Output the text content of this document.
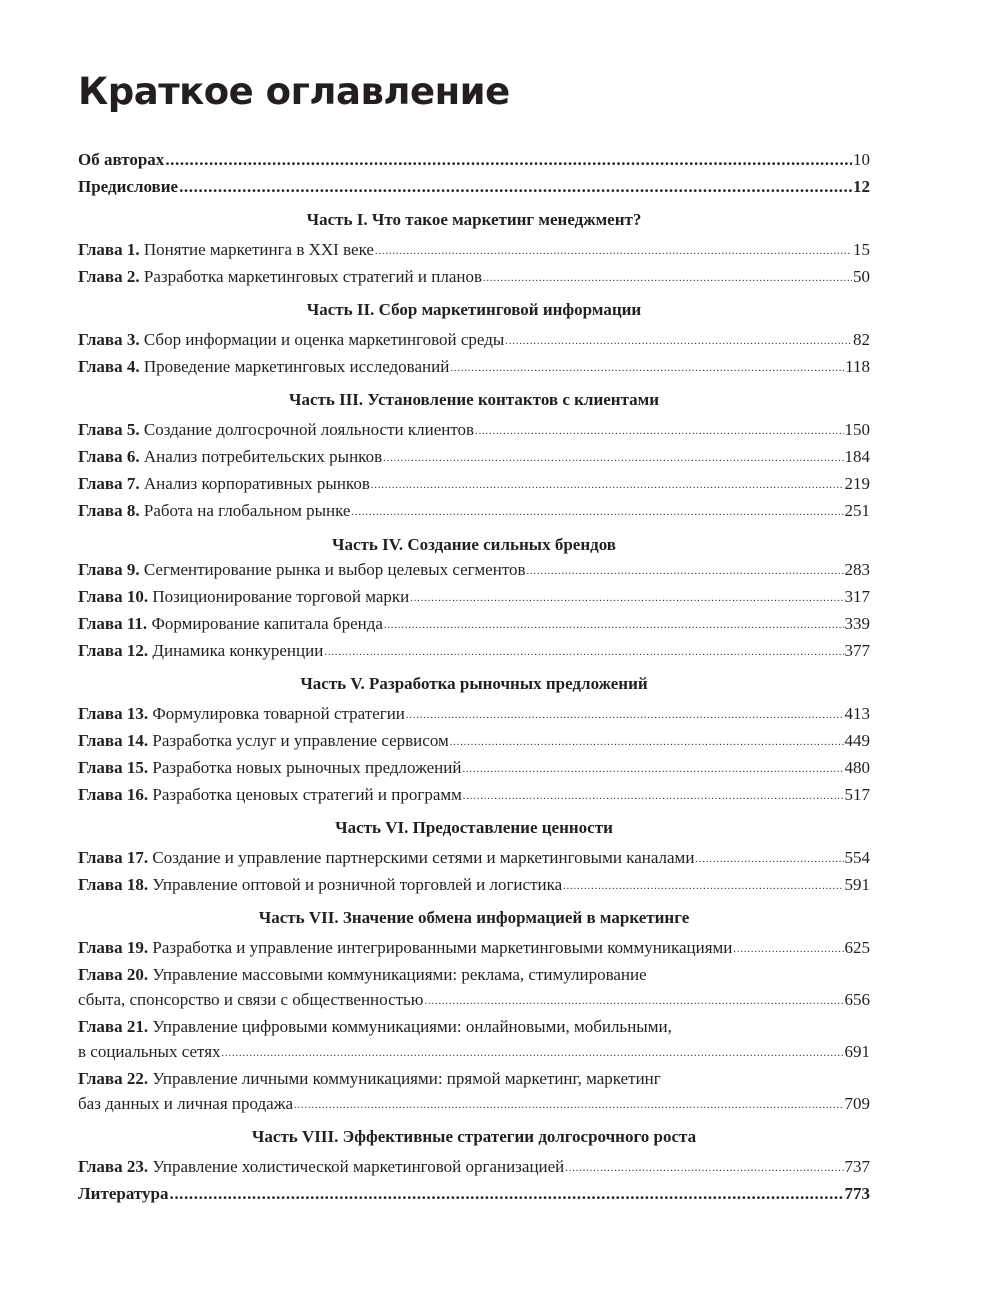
Краткое оглавление
Об авторах .....	10
Предисловие .....	12
Часть I. Что такое маркетинг менеджмент?
Глава 1. Понятие маркетинга в XXI веке .....	15
Глава 2. Разработка маркетинговых стратегий и планов .....	50
Часть II. Сбор маркетинговой информации
Глава 3. Сбор информации и оценка маркетинговой среды .....	82
Глава 4. Проведение маркетинговых исследований .....	118
Часть III. Установление контактов с клиентами
Глава 5. Создание долгосрочной лояльности клиентов .....	150
Глава 6. Анализ потребительских рынков .....	184
Глава 7. Анализ корпоративных рынков .....	219
Глава 8. Работа на глобальном рынке .....	251
Часть IV. Создание сильных брендов
Глава 9. Сегментирование рынка и выбор целевых сегментов .....	283
Глава 10. Позиционирование торговой марки .....	317
Глава 11. Формирование капитала бренда .....	339
Глава 12. Динамика конкуренции .....	377
Часть V. Разработка рыночных предложений
Глава 13. Формулировка товарной стратегии .....	413
Глава 14. Разработка услуг и управление сервисом .....	449
Глава 15. Разработка новых рыночных предложений .....	480
Глава 16. Разработка ценовых стратегий и программ .....	517
Часть VI. Предоставление ценности
Глава 17. Создание и управление партнерскими сетями и маркетинговыми каналами .....	554
Глава 18. Управление оптовой и розничной торговлей и логистика .....	591
Часть VII. Значение обмена информацией в маркетинге
Глава 19. Разработка и управление интегрированными маркетинговыми коммуникациями .....	625
Глава 20. Управление массовыми коммуникациями: реклама, стимулирование
сбыта, спонсорство и связи с общественностью .....	656
Глава 21. Управление цифровыми коммуникациями: онлайновыми, мобильными,
в социальных сетях .....	691
Глава 22. Управление личными коммуникациями: прямой маркетинг, маркетинг
баз данных и личная продажа .....	709
Часть VIII. Эффективные стратегии долгосрочного роста
Глава 23. Управление холистической маркетинговой организацией .....	737
Литература .....	773
